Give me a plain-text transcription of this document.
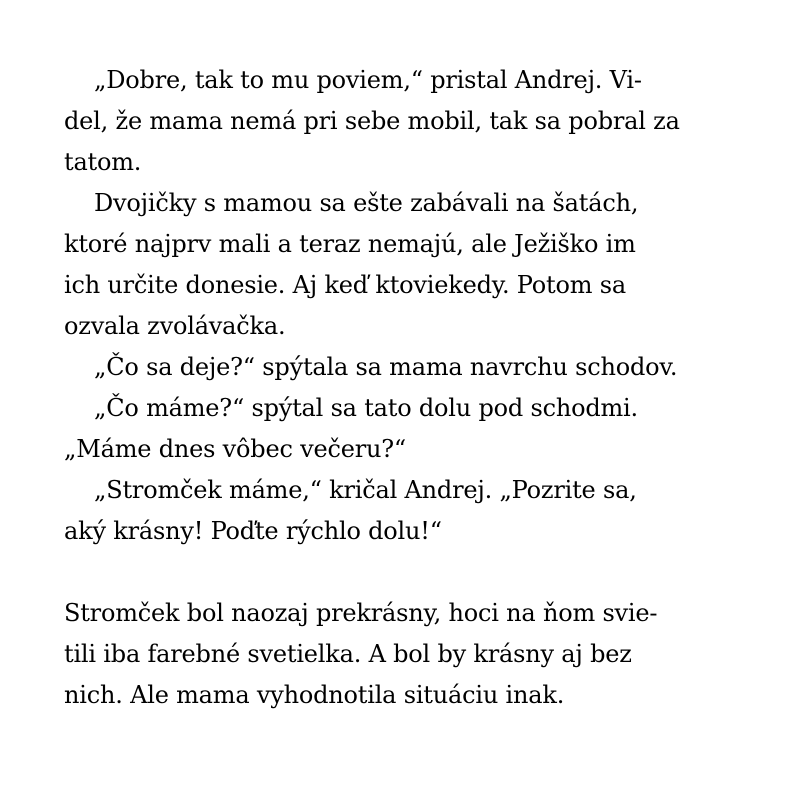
„Dobre, tak to mu poviem,“ pristal Andrej. Vi-
del, že mama nemá pri sebe mobil, tak sa pobral za
tatom.
Dvojičky s mamou sa ešte zabávali na šatách,
ktoré najprv mali a teraz nemajú, ale Ježiško im
ich určite donesie. Aj keď ktoviekedy. Potom sa
ozvala zvolávačka.
„Čo sa deje?“ spýtala sa mama navrchu schodov.
„Čo máme?“ spýtal sa tato dolu pod schodmi.
„Máme dnes vôbec večeru?“
„Stromček máme,“ kričal Andrej. „Pozrite sa,
aký krásny! Poďte rýchlo dolu!“
Stromček bol naozaj prekrásny, hoci na ňom svie-
tili iba farebné svetielka. A bol by krásny aj bez
nich. Ale mama vyhodnotila situáciu inak.
